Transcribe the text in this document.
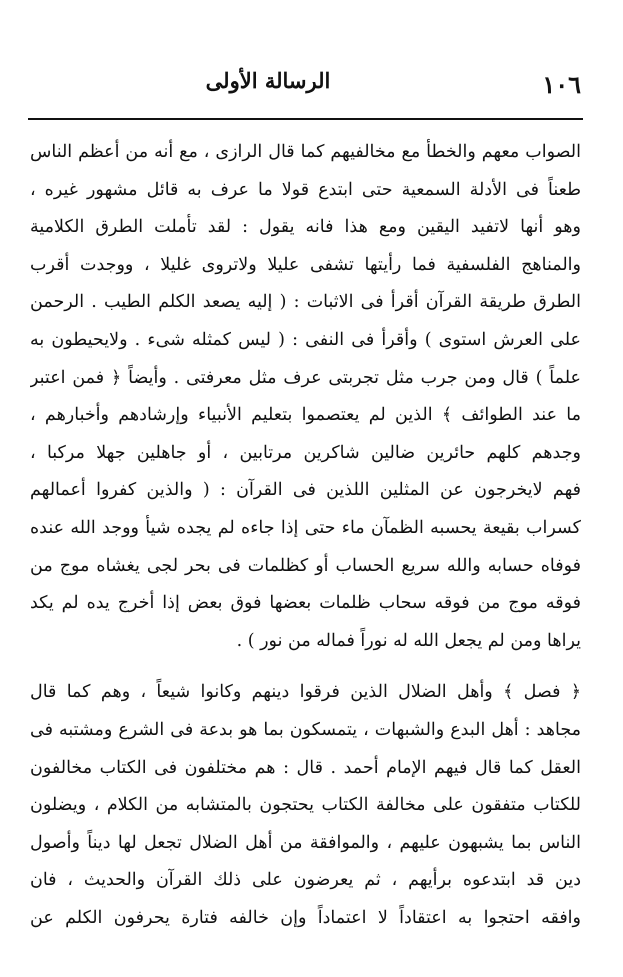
١٠٦
الرسالة الأولى
الصواب معهم والخطأ مع مخالفيهم كما قال الرازى ، مع أنه من أعظم الناس
طعناً فى الأدلة السمعية حتى ابتدع قولا ما عرف به قائل مشهور غيره ،
وهو أنها لاتفيد اليقين ومع هذا فانه يقول : لقد تأملت الطرق الكلامية
والمناهج الفلسفية فما رأيتها تشفى عليلا ولاتروى غليلا ، ووجدت أقرب
الطرق طريقة القرآن أقرأ فى الاثبات : ( إليه يصعد الكلم الطيب . الرحمن
على العرش استوى ) وأقرأ فى النفى : ( ليس كمثله شىء . ولايحيطون به
علماً ) قال ومن جرب مثل تجربتى عرف مثل معرفتى . وأيضاً ﴿ فمن اعتبر
ما عند الطوائف ﴾ الذين لم يعتصموا بتعليم الأنبياء وإرشادهم وأخبارهم ،
وجدهم كلهم حائرين ضالين شاكرين مرتابين ، أو جاهلين جهلا مركبا ،
فهم لايخرجون عن المثلين اللذين فى القرآن : ( والذين كفروا أعمالهم
كسراب بقيعة يحسبه الظمآن ماء حتى إذا جاءه لم يجده شيأ ووجد الله عنده
فوفاه حسابه والله سريع الحساب أو كظلمات فى بحر لجى يغشاه موج من
فوقه موج من فوقه سحاب ظلمات بعضها فوق بعض إذا أخرج يده لم يكد
يراها ومن لم يجعل الله له نوراً فماله من نور ) .
﴿ فصل ﴾ وأهل الضلال الذين فرقوا دينهم وكانوا شيعاً ، وهم كما قال
مجاهد : أهل البدع والشبهات ، يتمسكون بما هو بدعة فى الشرع ومشتبه فى
العقل كما قال فيهم الإمام أحمد . قال : هم مختلفون فى الكتاب مخالفون
للكتاب متفقون على مخالفة الكتاب يحتجون بالمتشابه من الكلام ، ويضلون
الناس بما يشبهون عليهم ، والموافقة من أهل الضلال تجعل لها ديناً وأصول
دين قد ابتدعوه برأيهم ، ثم يعرضون على ذلك القرآن والحديث ، فان
وافقه احتجوا به اعتقاداً لا اعتماداً وإن خالفه فتارة يحرفون الكلم عن
